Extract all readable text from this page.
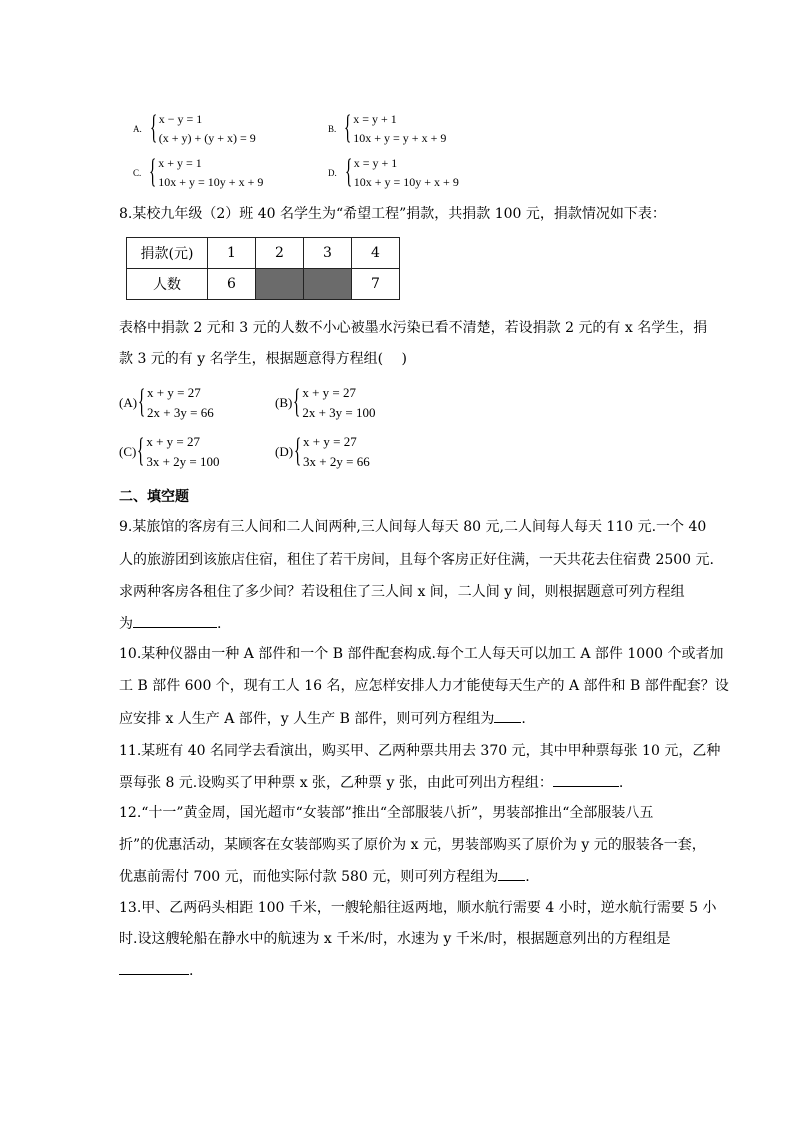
A. { x − y = 1
(x + y) + (y + x) = 9
B. { x = y + 1
10x + y = y + x + 9
C. { x + y = 1
10x + y = 10y + x + 9
D. { x = y + 1
10x + y = 10y + x + 9
8.某校九年级（2）班 40 名学生为“希望工程”捐款，共捐款 100 元，捐款情况如下表：
捐款(元)	1	2	3	4
人数	6			7
表格中捐款 2 元和 3 元的人数不小心被墨水污染已看不清楚，若设捐款 2 元的有 x 名学生，捐
款 3 元的有 y 名学生，根据题意得方程组(　 )
(A) { x + y = 27
2x + 3y = 66
(B) { x + y = 27
2x + 3y = 100
(C) { x + y = 27
3x + 2y = 100
(D) { x + y = 27
3x + 2y = 66
二、填空题
9.某旅馆的客房有三人间和二人间两种,三人间每人每天 80 元,二人间每人每天 110 元.一个 40
人的旅游团到该旅店住宿，租住了若干房间，且每个客房正好住满，一天共花去住宿费 2500 元.
求两种客房各租住了多少间？若设租住了三人间 x 间，二人间 y 间，则根据题意可列方程组
为	.
10.某种仪器由一种 A 部件和一个 B 部件配套构成.每个工人每天可以加工 A 部件 1000 个或者加
工 B 部件 600 个，现有工人 16 名，应怎样安排人力才能使每天生产的 A 部件和 B 部件配套？设
应安排 x 人生产 A 部件，y 人生产 B 部件，则可列方程组为 .
11.某班有 40 名同学去看演出，购买甲、乙两种票共用去 370 元，其中甲种票每张 10 元，乙种
票每张 8 元.设购买了甲种票 x 张，乙种票 y 张，由此可列出方程组：	.
12.“十一”黄金周，国光超市“女装部”推出“全部服装八折”，男装部推出“全部服装八五
折”的优惠活动，某顾客在女装部购买了原价为 x 元，男装部购买了原价为 y 元的服装各一套，
优惠前需付 700 元，而他实际付款 580 元，则可列方程组为 .
13.甲、乙两码头相距 100 千米，一艘轮船往返两地，顺水航行需要 4 小时，逆水航行需要 5 小
时.设这艘轮船在静水中的航速为 x 千米/时，水速为 y 千米/时，根据题意列出的方程组是
.
